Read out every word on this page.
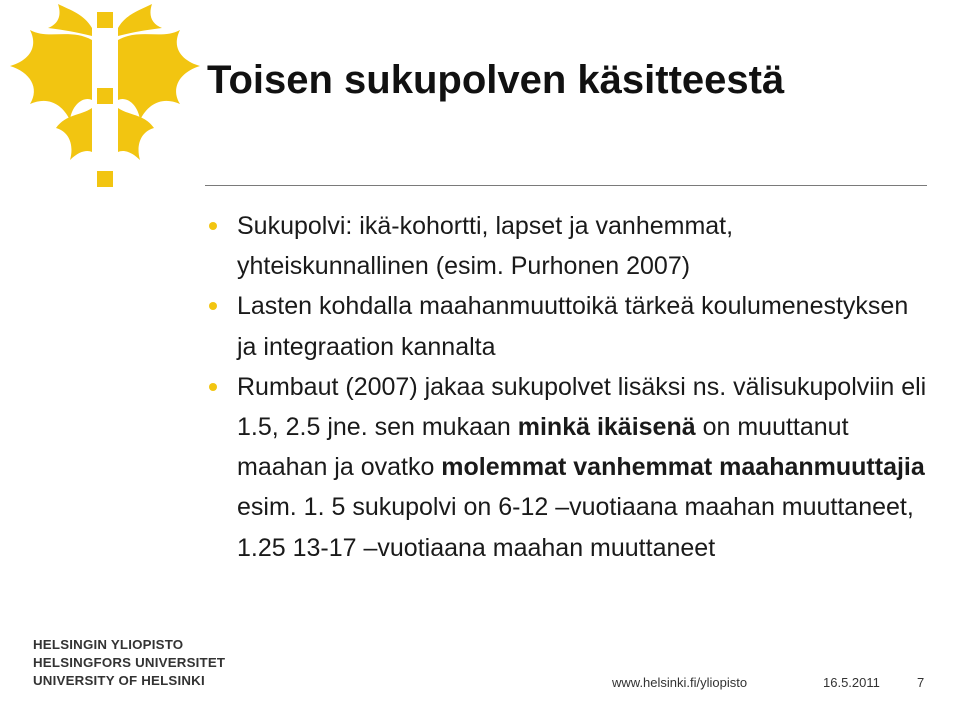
Toisen sukupolven käsitteestä
Sukupolvi: ikä-kohortti, lapset ja vanhemmat, yhteiskunnallinen (esim. Purhonen 2007)
Lasten kohdalla maahanmuuttoikä tärkeä koulumenestyksen ja integraation kannalta
Rumbaut (2007) jakaa sukupolvet lisäksi ns. välisukupolviin eli 1.5, 2.5 jne. sen mukaan minkä ikäisenä on muuttanut maahan ja ovatko molemmat vanhemmat maahanmuuttajia esim. 1. 5 sukupolvi on 6-12 –vuotiaana maahan muuttaneet, 1.25 13-17 –vuotiaana maahan muuttaneet
HELSINGIN YLIOPISTO
HELSINGFORS UNIVERSITET
UNIVERSITY OF HELSINKI	www.helsinki.fi/yliopisto	16.5.2011	7
